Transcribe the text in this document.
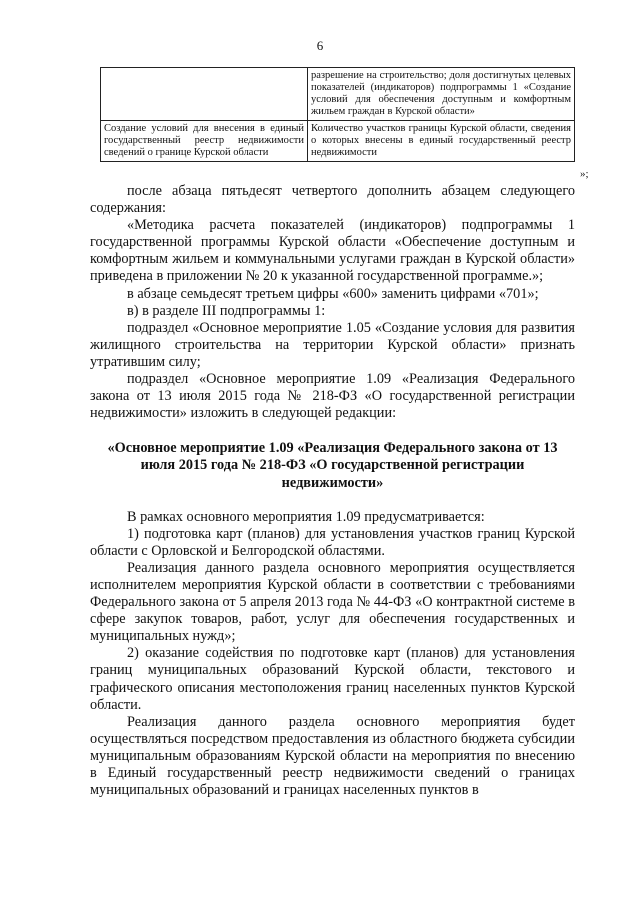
6
	разрешение на строительство; доля достигнутых целевых показателей (индикаторов) подпрограммы 1 «Создание условий для обеспечения доступным и комфортным жильем граждан в Курской области»
Создание условий для внесения в единый государственный реестр недвижимости сведений о границе Курской области	Количество участков границы Курской области, сведения о которых внесены в единый государственный реестр недвижимости
»;

после абзаца пятьдесят четвертого дополнить абзацем следующего содержания:

«Методика расчета показателей (индикаторов) подпрограммы 1 государственной программы Курской области «Обеспечение доступным и комфортным жильем и коммунальными услугами граждан в Курской области» приведена в приложении № 20 к указанной государственной программе.»;

в абзаце семьдесят третьем цифры «600» заменить цифрами «701»;

в) в разделе III подпрограммы 1:

подраздел «Основное мероприятие 1.05 «Создание условия для развития жилищного строительства на территории Курской области» признать утратившим силу;

подраздел «Основное мероприятие 1.09 «Реализация Федерального закона от 13 июля 2015 года № 218-ФЗ «О государственной регистрации недвижимости» изложить в следующей редакции:

«Основное мероприятие 1.09 «Реализация Федерального закона от 13 июля 2015 года № 218-ФЗ «О государственной регистрации недвижимости»

В рамках основного мероприятия 1.09 предусматривается:

1) подготовка карт (планов) для установления участков границ Курской области с Орловской и Белгородской областями.

Реализация данного раздела основного мероприятия осуществляется исполнителем мероприятия Курской области в соответствии с требованиями Федерального закона от 5 апреля 2013 года № 44-ФЗ «О контрактной системе в сфере закупок товаров, работ, услуг для обеспечения государственных и муниципальных нужд»;

2) оказание содействия по подготовке карт (планов) для установления границ муниципальных образований Курской области, текстового и графического описания местоположения границ населенных пунктов Курской области.

Реализация данного раздела основного мероприятия будет осуществляться посредством предоставления из областного бюджета субсидии муниципальным образованиям Курской области на мероприятия по внесению в Единый государственный реестр недвижимости сведений о границах муниципальных образований и границах населенных пунктов в
